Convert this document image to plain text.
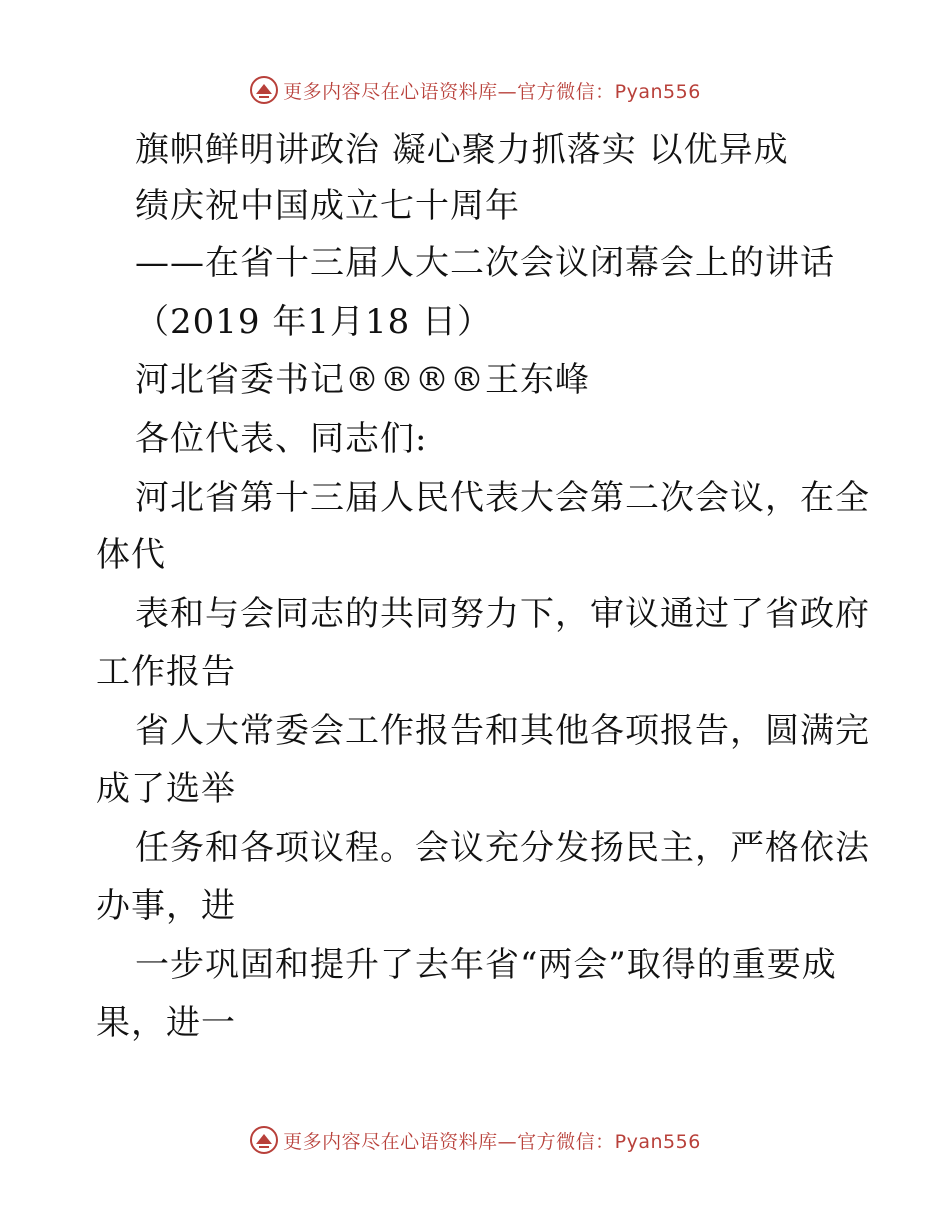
更多内容尽在心语资料库—官方微信：Pyan556
旗帜鲜明讲政治 凝心聚力抓落实 以优异成
绩庆祝中国成立七十周年
——在省十三届人大二次会议闭幕会上的讲话
（2019 年1月18 日）
河北省委书记®®®®王东峰
各位代表、同志们:
河北省第十三届人民代表大会第二次会议，在全
体代
表和与会同志的共同努力下，审议通过了省政府
工作报告
省人大常委会工作报告和其他各项报告，圆满完
成了选举
任务和各项议程。会议充分发扬民主，严格依法
办事，进
一步巩固和提升了去年省“两会”取得的重要成
果，进一
更多内容尽在心语资料库—官方微信：Pyan556
